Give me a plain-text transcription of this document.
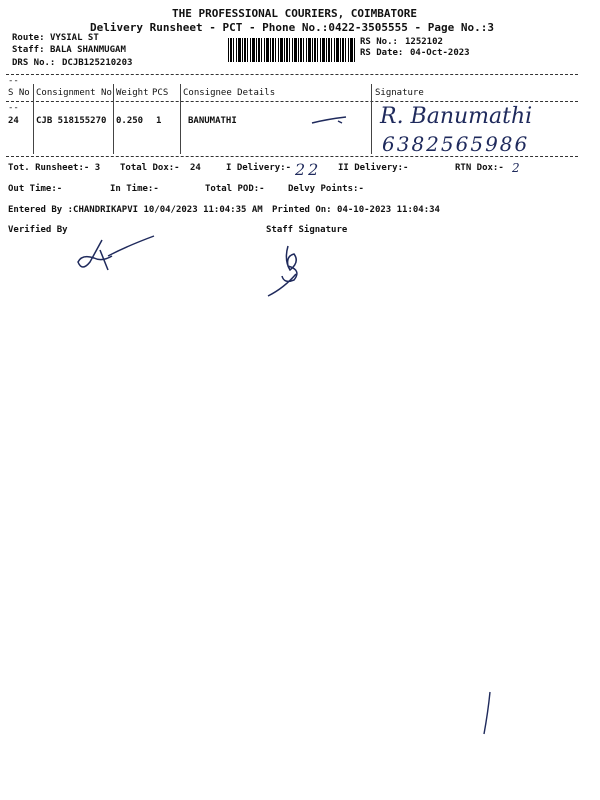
THE PROFESSIONAL COURIERS, COIMBATORE
Delivery Runsheet - PCT - Phone No.:0422-3505555 - Page No.:3
Route: VYSIAL ST
Staff: BALA SHANMUGAM
DRS No.: DCJB125210203
RS No.: 1252102
RS Date: 04-Oct-2023
--
S No Consignment No Weight PCS Consignee Details	Signature
--
24 CJB 518155270 0.250 1	BANUMATHI	R. Banumathi
6382565986
Tot. Runsheet:- 3 Total Dox:- 24	I Delivery:- 22 II Delivery:-	RTN Dox:- 2
Out Time:-	In Time:-	Total POD:-	Delvy Points:-
Entered By :CHANDRIKAPVI 10/04/2023 11:04:35 AM Printed On: 04-10-2023 11:04:34
Verified By	Staff Signature
